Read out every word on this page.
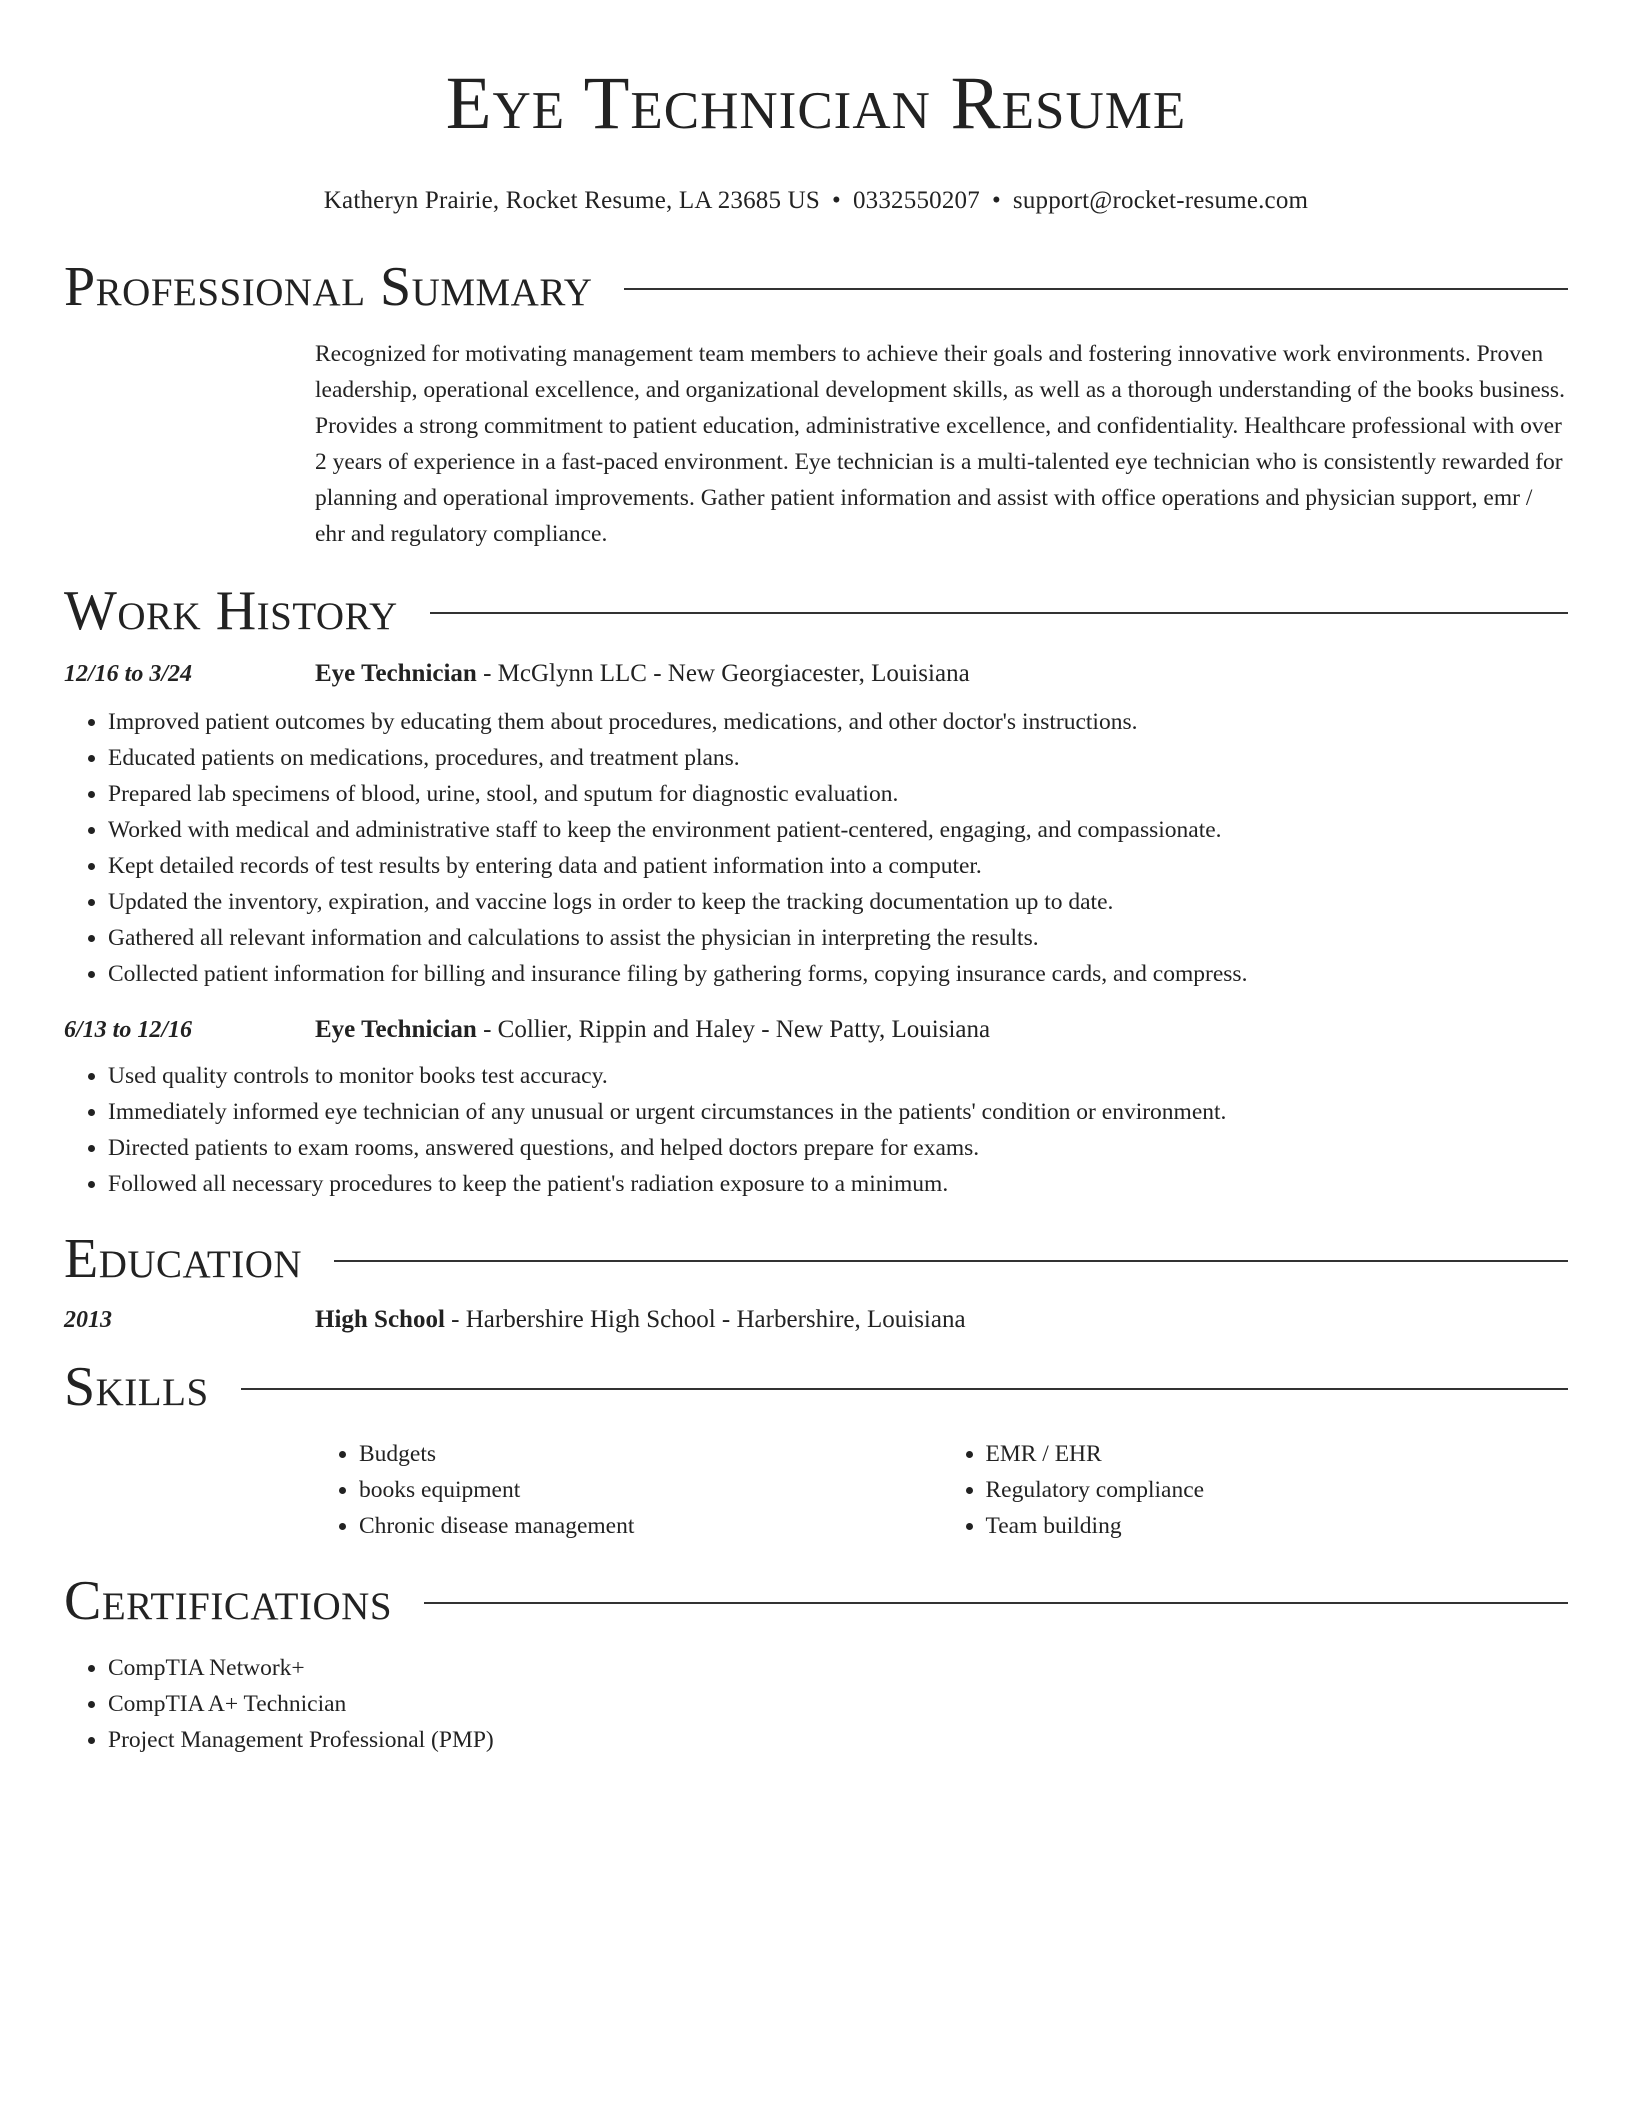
Eye Technician Resume
Katheryn Prairie, Rocket Resume, LA 23685 US • 0332550207 • support@rocket-resume.com
Professional Summary
Recognized for motivating management team members to achieve their goals and fostering innovative work environments. Proven leadership, operational excellence, and organizational development skills, as well as a thorough understanding of the books business. Provides a strong commitment to patient education, administrative excellence, and confidentiality. Healthcare professional with over 2 years of experience in a fast-paced environment. Eye technician is a multi-talented eye technician who is consistently rewarded for planning and operational improvements. Gather patient information and assist with office operations and physician support, emr / ehr and regulatory compliance.
Work History
12/16 to 3/24	Eye Technician - McGlynn LLC - New Georgiacester, Louisiana
• Improved patient outcomes by educating them about procedures, medications, and other doctor's instructions.
• Educated patients on medications, procedures, and treatment plans.
• Prepared lab specimens of blood, urine, stool, and sputum for diagnostic evaluation.
• Worked with medical and administrative staff to keep the environment patient-centered, engaging, and compassionate.
• Kept detailed records of test results by entering data and patient information into a computer.
• Updated the inventory, expiration, and vaccine logs in order to keep the tracking documentation up to date.
• Gathered all relevant information and calculations to assist the physician in interpreting the results.
• Collected patient information for billing and insurance filing by gathering forms, copying insurance cards, and compress.
6/13 to 12/16	Eye Technician - Collier, Rippin and Haley - New Patty, Louisiana
• Used quality controls to monitor books test accuracy.
• Immediately informed eye technician of any unusual or urgent circumstances in the patients' condition or environment.
• Directed patients to exam rooms, answered questions, and helped doctors prepare for exams.
• Followed all necessary procedures to keep the patient's radiation exposure to a minimum.
Education
2013	High School - Harbershire High School - Harbershire, Louisiana
Skills
• Budgets
• books equipment
• Chronic disease management
• EMR / EHR
• Regulatory compliance
• Team building
Certifications
• CompTIA Network+
• CompTIA A+ Technician
• Project Management Professional (PMP)
